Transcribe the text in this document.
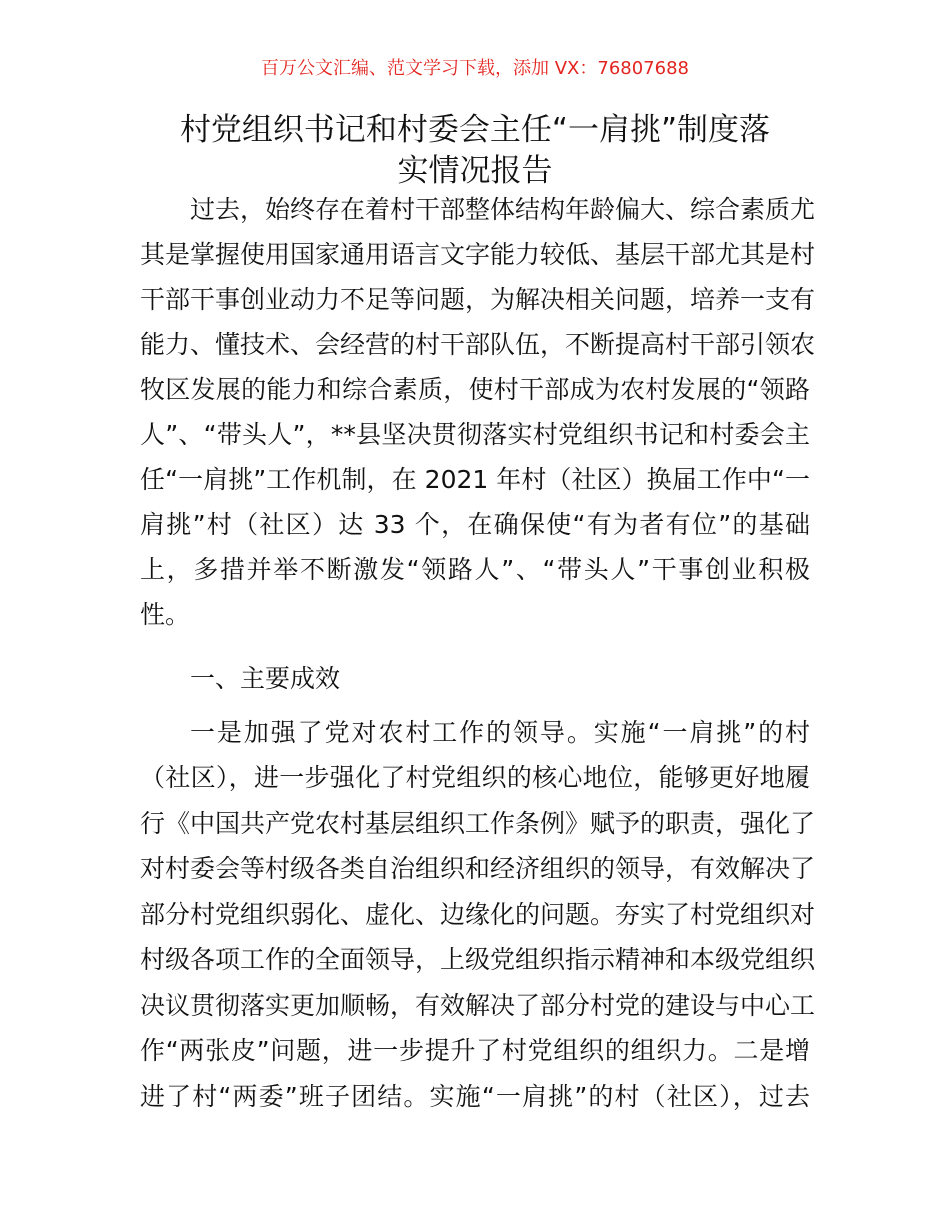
百万公文汇编、范文学习下载，添加 VX：76807688
村党组织书记和村委会主任“一肩挑”制度落
实情况报告
过去，始终存在着村干部整体结构年龄偏大、综合素质尤
其是掌握使用国家通用语言文字能力较低、基层干部尤其是村
干部干事创业动力不足等问题，为解决相关问题，培养一支有
能力、懂技术、会经营的村干部队伍，不断提高村干部引领农
牧区发展的能力和综合素质，使村干部成为农村发展的“领路
人”、“带头人”，**县坚决贯彻落实村党组织书记和村委会主
任“一肩挑”工作机制，在 2021 年村（社区）换届工作中“一
肩挑”村（社区）达 33 个，在确保使“有为者有位”的基础
上，多措并举不断激发“领路人”、“带头人”干事创业积极
性。
一、主要成效
一是加强了党对农村工作的领导。实施“一肩挑”的村
（社区），进一步强化了村党组织的核心地位，能够更好地履
行《中国共产党农村基层组织工作条例》赋予的职责，强化了
对村委会等村级各类自治组织和经济组织的领导，有效解决了
部分村党组织弱化、虚化、边缘化的问题。夯实了村党组织对
村级各项工作的全面领导，上级党组织指示精神和本级党组织
决议贯彻落实更加顺畅，有效解决了部分村党的建设与中心工
作“两张皮”问题，进一步提升了村党组织的组织力。二是增
进了村“两委”班子团结。实施“一肩挑”的村（社区），过去
